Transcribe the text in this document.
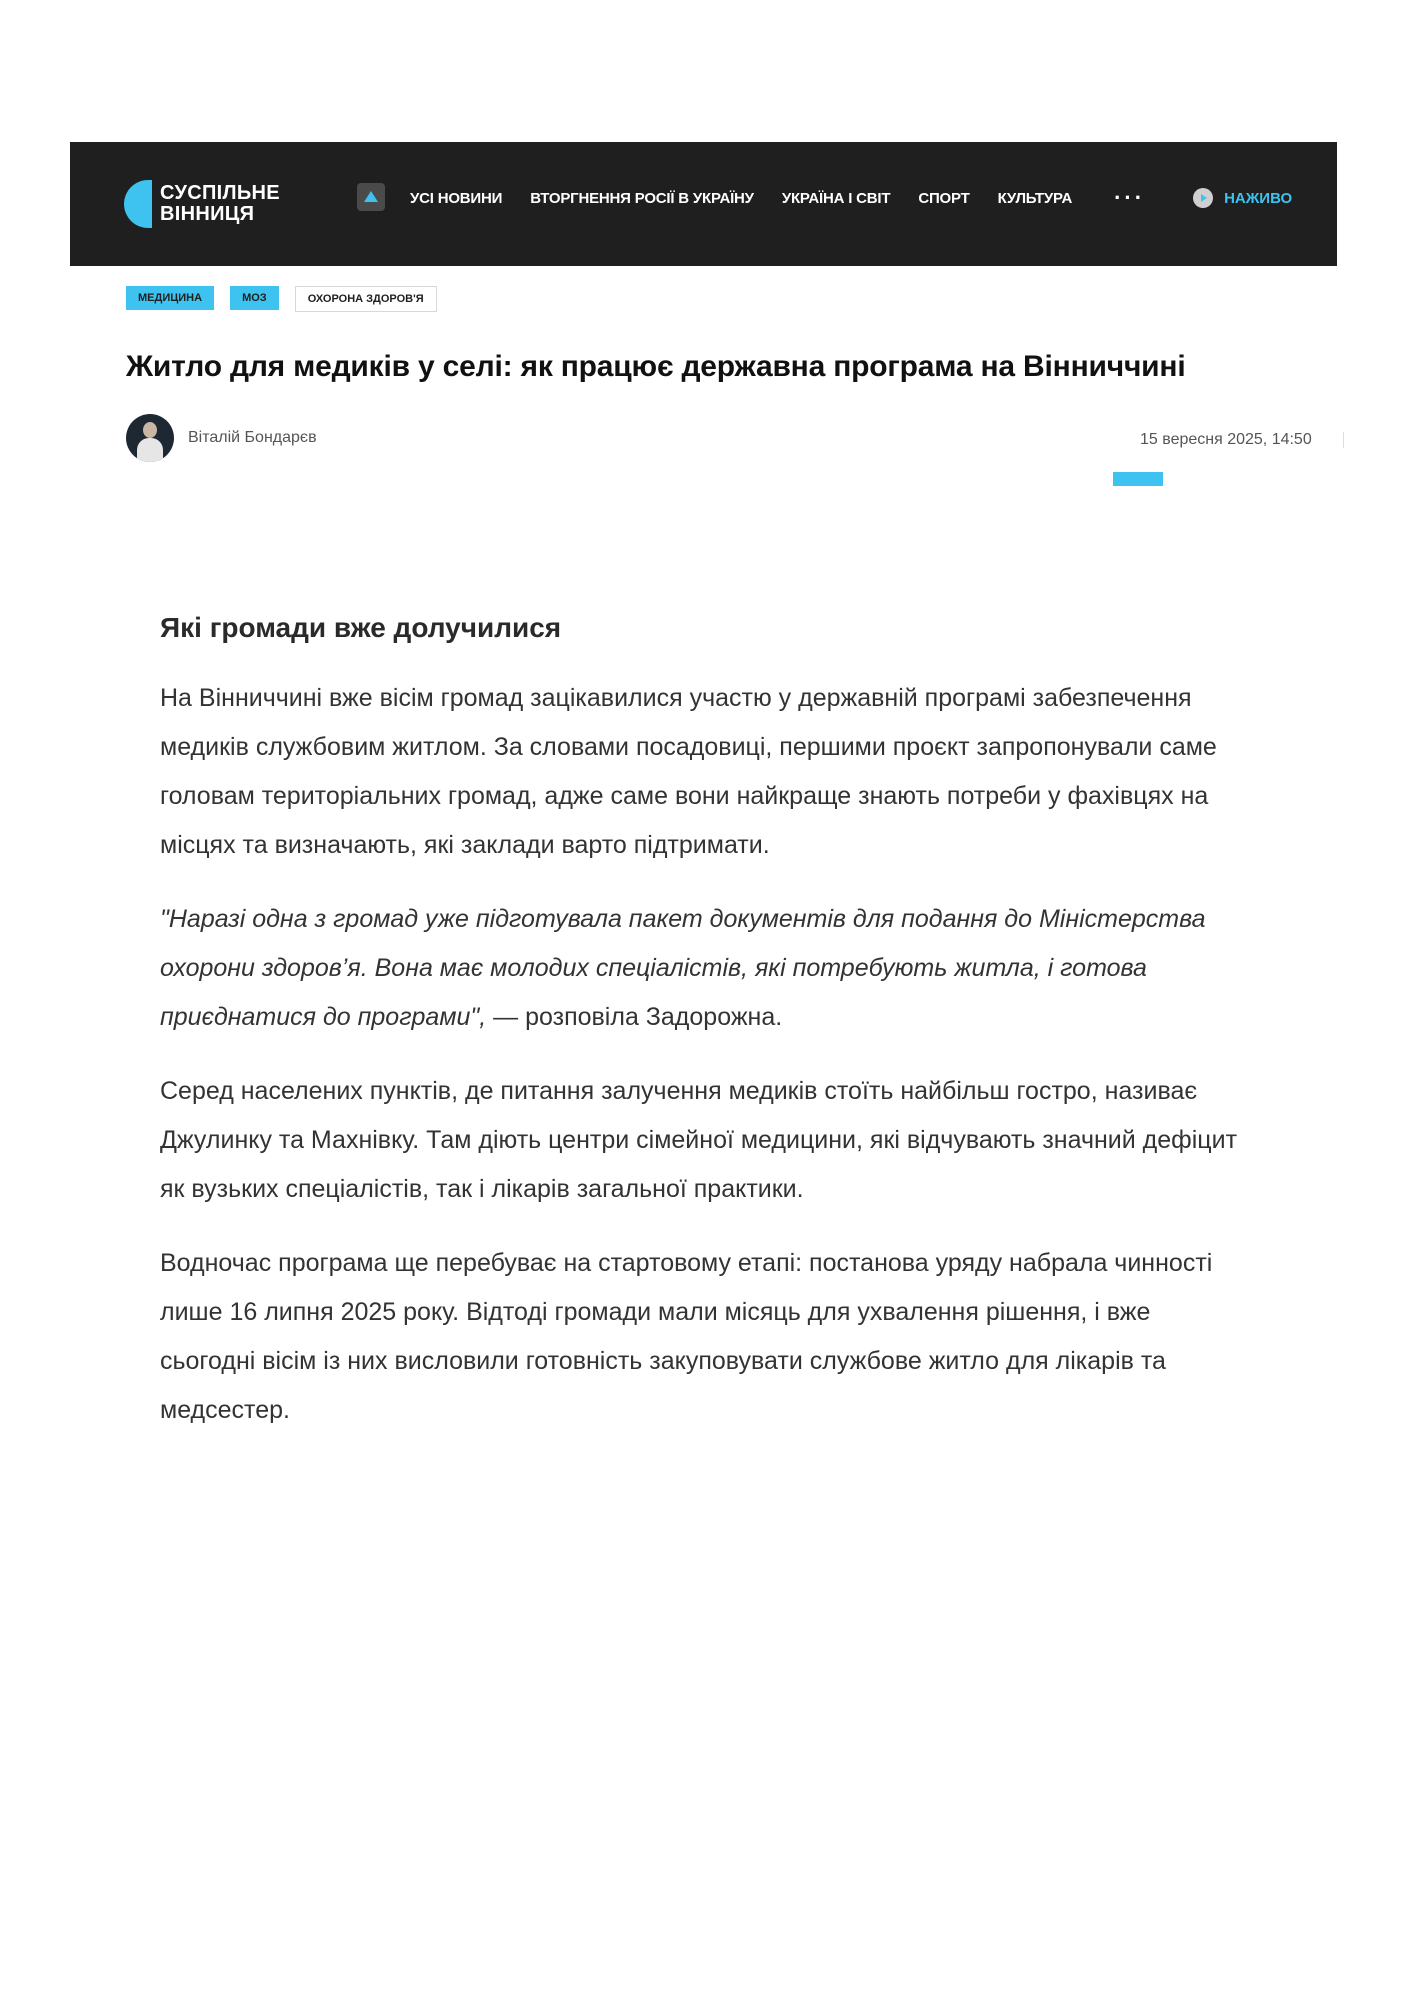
СУСПІЛЬНЕ
ВІННИЦЯ
УСІ НОВИНИ ВТОРГНЕННЯ РОСІЇ В УКРАЇНУ УКРАЇНА І СВІТ СПОРТ КУЛЬТУРА ···	НАЖИВО
МЕДИЦИНА	МОЗ	ОХОРОНА ЗДОРОВ'Я
Житло для медиків у селі: як працює державна програма на Вінниччині
Віталій Бондарєв	15 вересня 2025, 14:50
Які громади вже долучилися

На Вінниччині вже вісім громад зацікавилися участю у державній програмі забезпечення медиків службовим житлом. За словами посадовиці, першими проєкт запропонували саме головам територіальних громад, адже саме вони найкраще знають потреби у фахівцях на місцях та визначають, які заклади варто підтримати.

"Наразі одна з громад уже підготувала пакет документів для подання до Міністерства охорони здоров’я. Вона має молодих спеціалістів, які потребують житла, і готова приєднатися до програми", — розповіла Задорожна.

Серед населених пунктів, де питання залучення медиків стоїть найбільш гостро, називає Джулинку та Махнівку. Там діють центри сімейної медицини, які відчувають значний дефіцит як вузьких спеціалістів, так і лікарів загальної практики.

Водночас програма ще перебуває на стартовому етапі: постанова уряду набрала чинності лише 16 липня 2025 року. Відтоді громади мали місяць для ухвалення рішення, і вже сьогодні вісім із них висловили готовність закуповувати службове житло для лікарів та медсестер.
